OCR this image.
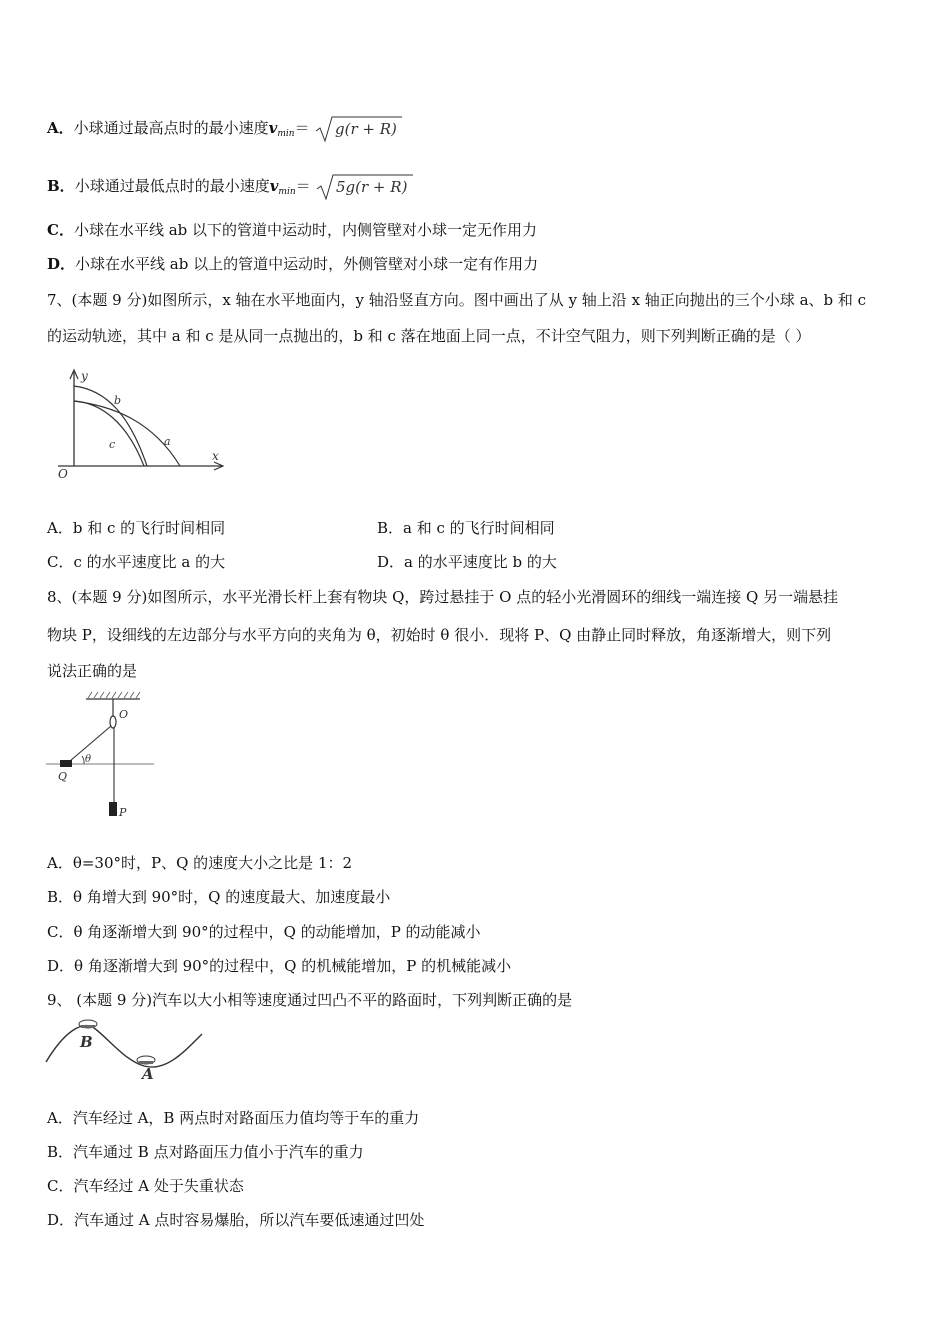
A．小球通过最高点时的最小速度$v_{min}= g(r + R)$
B．小球通过最低点时的最小速度$v_{min}= 5g(r + R)$
C．小球在水平线 ab 以下的管道中运动时，内侧管壁对小球一定无作用力
D．小球在水平线 ab 以上的管道中运动时，外侧管壁对小球一定有作用力
7、(本题 9 分)如图所示，x 轴在水平地面内，y 轴沿竖直方向。图中画出了从 y 轴上沿 x 轴正向抛出的三个小球 a、b 和 c
的运动轨迹，其中 a 和 c 是从同一点抛出的，b 和 c 落在地面上同一点，不计空气阻力，则下列判断正确的是（ ）
y
x
O
b
c	a
A．b 和 c 的飞行时间相同	B．a 和 c 的飞行时间相同
C．c 的水平速度比 a 的大	D．a 的水平速度比 b 的大
8、(本题 9 分)如图所示，水平光滑长杆上套有物块 Q，跨过悬挂于 O 点的轻小光滑圆环的细线一端连接 Q 另一端悬挂
物块 P，设细线的左边部分与水平方向的夹角为 θ，初始时 θ 很小．现将 P、Q 由静止同时释放，角逐渐增大，则下列
说法正确的是
O
θ
Q
P
A．θ=30°时，P、Q 的速度大小之比是 1：2
B．θ 角增大到 90°时，Q 的速度最大、加速度最小
C．θ 角逐渐增大到 90°的过程中，Q 的动能增加，P 的动能减小
D．θ 角逐渐增大到 90°的过程中，Q 的机械能增加，P 的机械能减小
9、 (本题 9 分)汽车以大小相等速度通过凹凸不平的路面时，下列判断正确的是
B
A
A．汽车经过 A，B 两点时对路面压力值均等于车的重力
B．汽车通过 B 点对路面压力值小于汽车的重力
C．汽车经过 A 处于失重状态
D．汽车通过 A 点时容易爆胎，所以汽车要低速通过凹处
